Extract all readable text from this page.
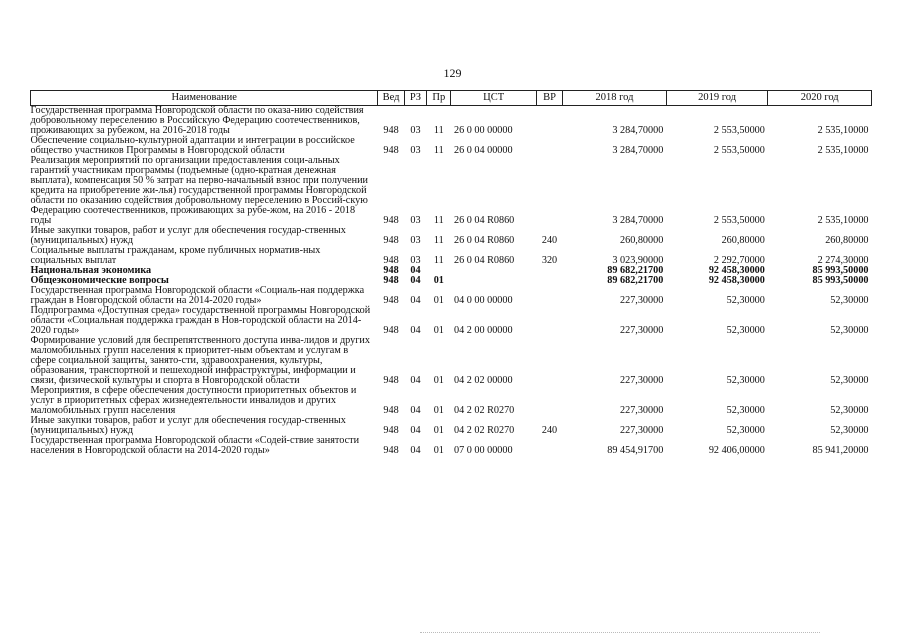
129
Наименование	Вед	РЗ	Пр	ЦСТ	ВР	2018 год	2019 год	2020 год
Государственная программа Новгородской области по оказа-нию содействия добровольному переселению в Российскую Федерацию соотечественников, проживающих за рубежом, на 2016-2018 годы	948	03	11	26 0 00 00000		3 284,70000	2 553,50000	2 535,10000
Обеспечение социально-культурной адаптации и интеграции в российское общество участников Программы в Новгородской области	948	03	11	26 0 04 00000		3 284,70000	2 553,50000	2 535,10000
Реализация мероприятий по организации предоставления соци-альных гарантий участникам программы (подъемные (одно-кратная денежная выплата), компенсация 50 % затрат на перво-начальный взнос при получении кредита на приобретение жи-лья) государственной программы Новгородской области по оказанию содействия добровольному переселению в Россий-скую Федерацию соотечественников, проживающих за рубе-жом, на 2016 - 2018 годы	948	03	11	26 0 04 R0860		3 284,70000	2 553,50000	2 535,10000
Иные закупки товаров, работ и услуг для обеспечения государ-ственных (муниципальных) нужд	948	03	11	26 0 04 R0860	240	260,80000	260,80000	260,80000
Социальные выплаты гражданам, кроме публичных норматив-ных социальных выплат	948	03	11	26 0 04 R0860	320	3 023,90000	2 292,70000	2 274,30000
Национальная экономика	948	04				89 682,21700	92 458,30000	85 993,50000
Общеэкономические вопросы	948	04	01			89 682,21700	92 458,30000	85 993,50000
Государственная программа Новгородской области «Социаль-ная поддержка граждан в Новгородской области на 2014-2020 годы»	948	04	01	04 0 00 00000		227,30000	52,30000	52,30000
Подпрограмма «Доступная среда» государственной программы Новгородской области «Социальная поддержка граждан в Нов-городской области на 2014-2020 годы»	948	04	01	04 2 00 00000		227,30000	52,30000	52,30000
Формирование условий для беспрепятственного доступа инва-лидов и других маломобильных групп населения к приоритет-ным объектам и услугам в сфере социальной защиты, занято-сти, здравоохранения, культуры, образования, транспортной и пешеходной инфраструктуры, информации и связи, физической культуры и спорта в Новгородской области	948	04	01	04 2 02 00000		227,30000	52,30000	52,30000
Мероприятия, в сфере обеспечения доступности приоритетных объектов и услуг в приоритетных сферах жизнедеятельности инвалидов и других маломобильных групп населения	948	04	01	04 2 02 R0270		227,30000	52,30000	52,30000
Иные закупки товаров, работ и услуг для обеспечения государ-ственных (муниципальных) нужд	948	04	01	04 2 02 R0270	240	227,30000	52,30000	52,30000
Государственная программа Новгородской области «Содей-ствие занятости населения в Новгородской области на 2014-2020 годы»	948	04	01	07 0 00 00000		89 454,91700	92 406,00000	85 941,20000
